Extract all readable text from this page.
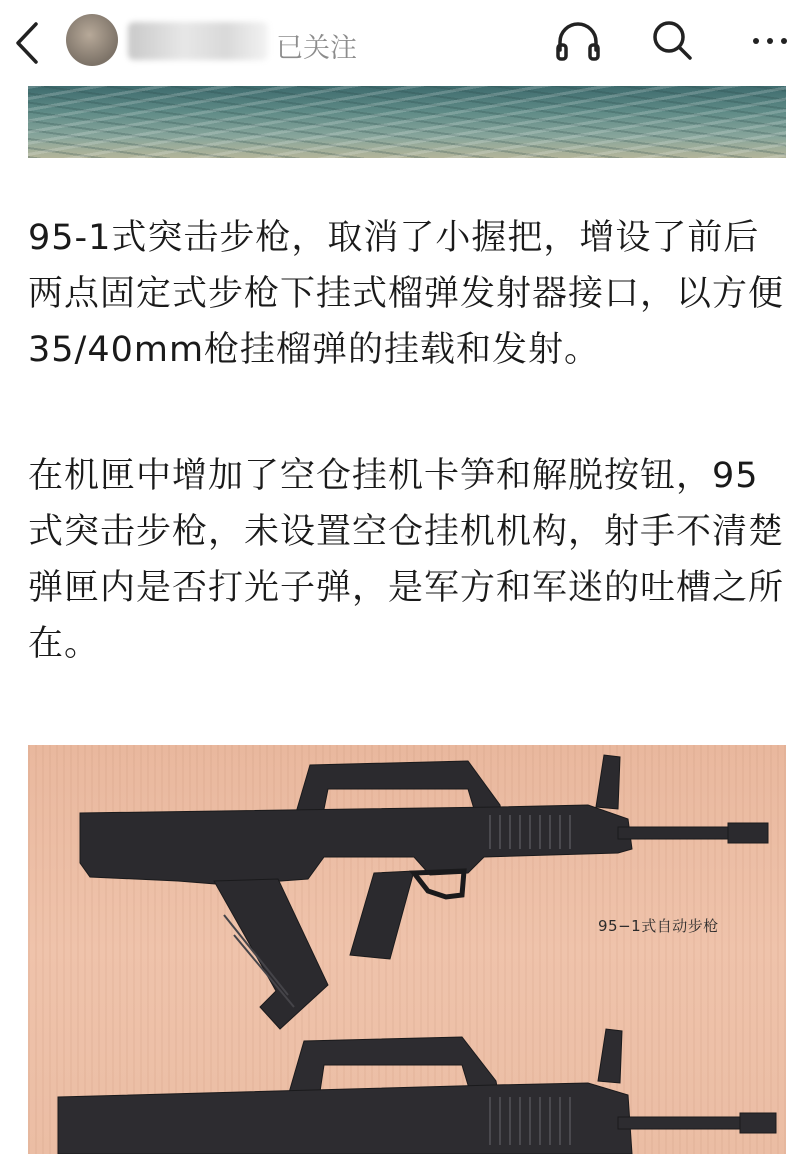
已关注

95-1式突击步枪，取消了小握把，增设了前后两点固定式步枪下挂式榴弹发射器接口，以方便35/40mm枪挂榴弹的挂载和发射。

在机匣中增加了空仓挂机卡笋和解脱按钮，95式突击步枪，未设置空仓挂机机构，射手不清楚弹匣内是否打光子弹，是军方和军迷的吐槽之所在。

95−1式自动步枪
